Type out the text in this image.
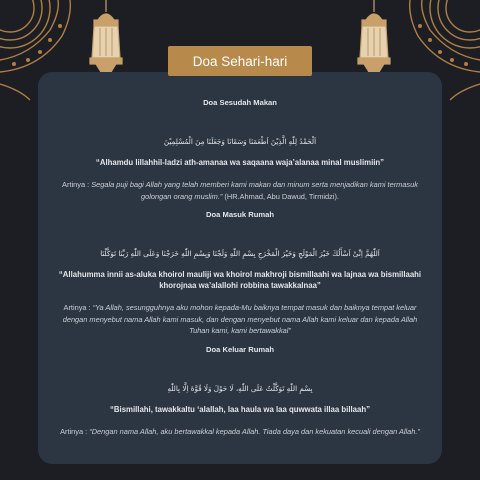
Doa Sehari-hari
Doa Sesudah Makan
اَلْحَمْدُ لِلّٰهِ الَّذِيْنَ اَطْعَمَنَا وَسَقَانَا وَجَعَلَنَا مِنَ الْمُسْلِمِيْنَ
“Alhamdu lillahhil-ladzi ath-amanaa wa saqaana waja’alanaa minal muslimiin”
Artinya : Segala puji bagi Allah yang telah memberi kami makan dan minum serta menjadikan kami termasuk golongan orang muslim.” (HR.Ahmad, Abu Dawud, Tirmidzi).
Doa Masuk Rumah
اَللّٰهُمَّ اِنِّىْ اَسْأَلُكَ خَيْرَ الْمَوْلَجِ وَخَيْرَ الْمَخْرَجِ بِسْمِ اللّٰهِ وَلَجْنَا وَبِسْمِ اللّٰهِ خَرَجْنَا وَعَلَى اللّٰهِ رَبِّنَا تَوَكَّلْنَا
“Allahumma innii as-aluka khoirol mauliji wa khoirol makhroji bismillaahi wa lajnaa wa bismillaahi khorojnaa wa’alallohi robbina tawakkalnaa”
Artinya : “Ya Allah, sesungguhnya aku mohon kepada-Mu baiknya tempat masuk dan baiknya tempat keluar dengan menyebut nama Allah kami masuk, dan dengan menyebut nama Allah kami keluar dan kepada Allah Tuhan kami, kami bertawakkal”
Doa Keluar Rumah
بِسْمِ اللّٰهِ تَوَكَّلْتُ عَلَى اللّٰهِ، لَا حَوْلَ وَلَا قُوَّةَ اِلَّا بِاللّٰهِ
“Bismillahi, tawakkaltu ‘alallah, laa haula wa laa quwwata illaa billaah”
Artinya : “Dengan nama Allah, aku bertawakkal kepada Allah. Tiada daya dan kekuatan kecuali dengan Allah.”
